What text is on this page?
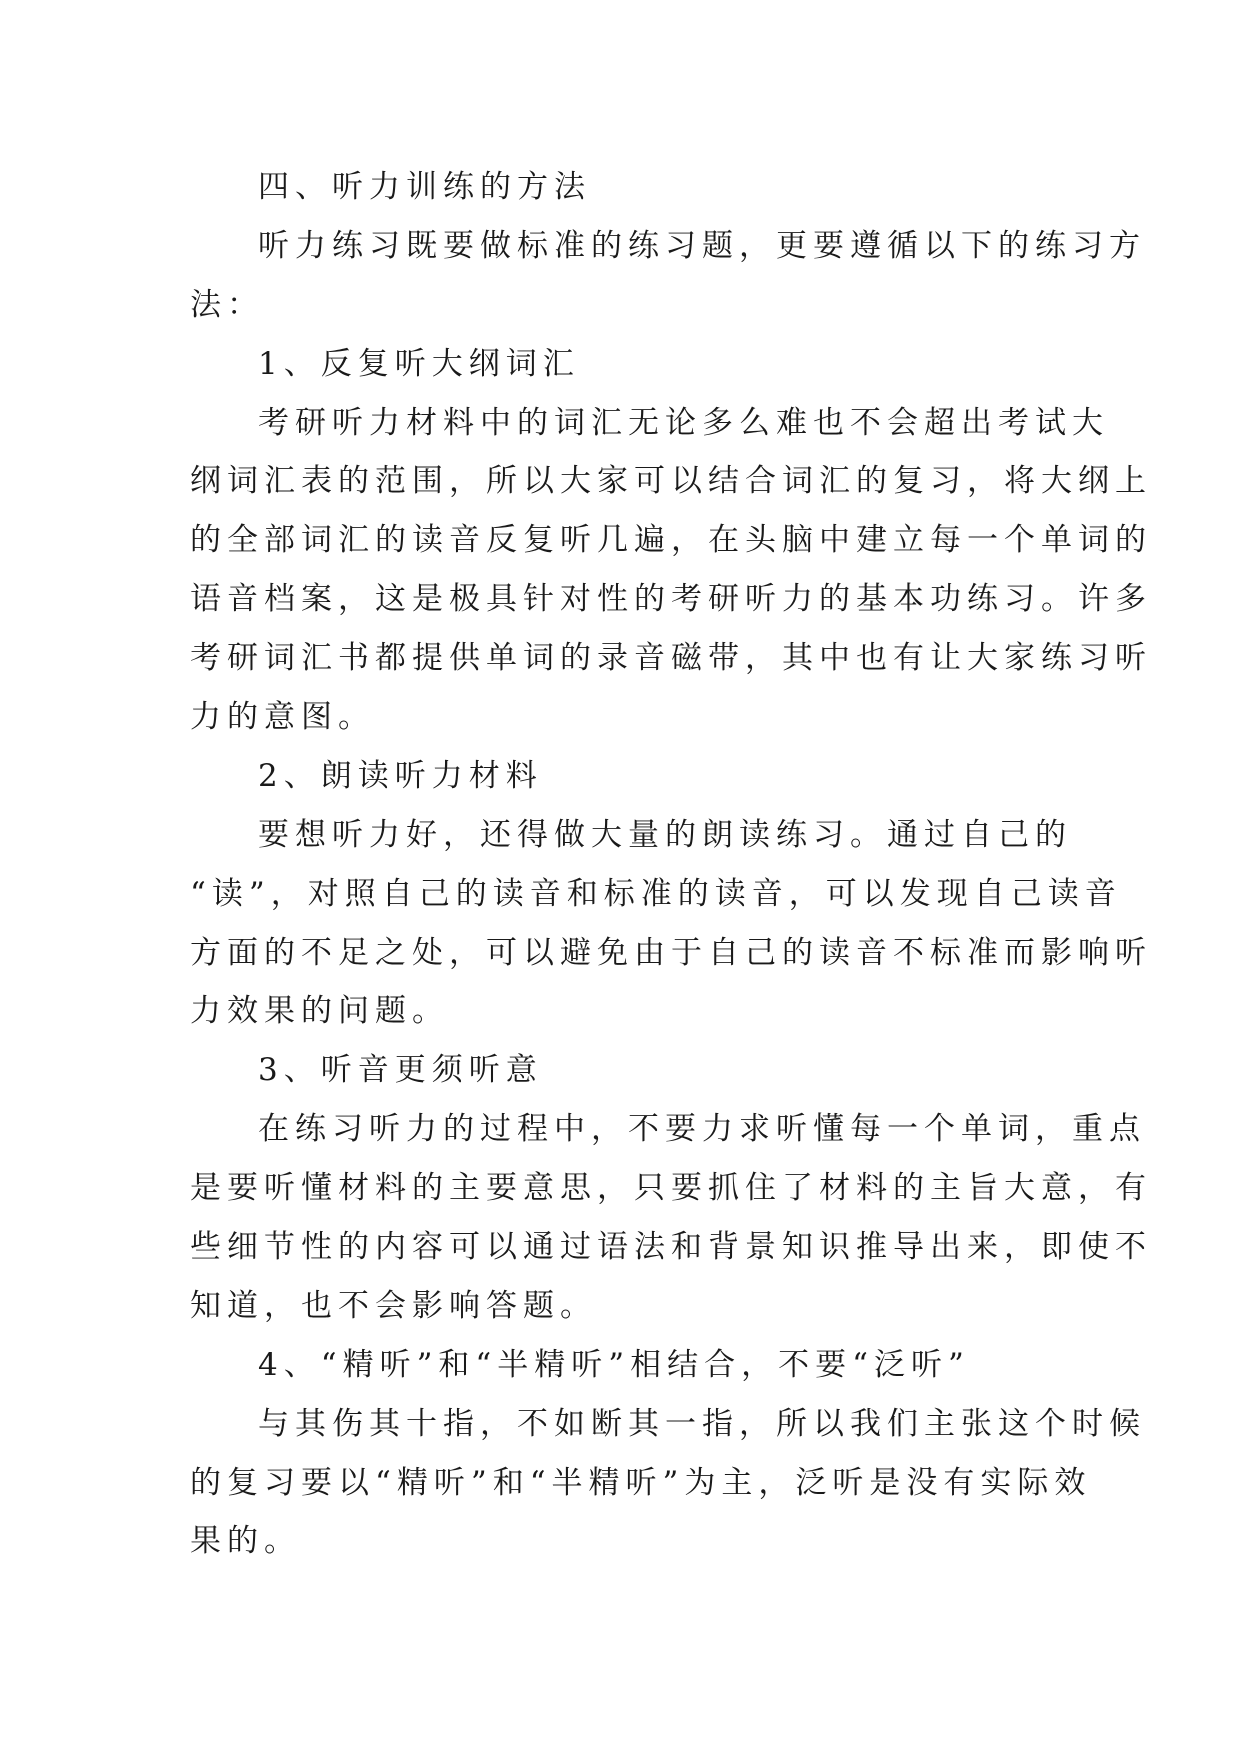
四、听力训练的方法

听力练习既要做标准的练习题，更要遵循以下的练习方

法：

1、反复听大纲词汇

考研听力材料中的词汇无论多么难也不会超出考试大

纲词汇表的范围，所以大家可以结合词汇的复习，将大纲上

的全部词汇的读音反复听几遍，在头脑中建立每一个单词的

语音档案，这是极具针对性的考研听力的基本功练习。许多

考研词汇书都提供单词的录音磁带，其中也有让大家练习听

力的意图。

2、朗读听力材料

要想听力好，还得做大量的朗读练习。通过自己的

“读”，对照自己的读音和标准的读音，可以发现自己读音

方面的不足之处，可以避免由于自己的读音不标准而影响听

力效果的问题。

3、听音更须听意

在练习听力的过程中，不要力求听懂每一个单词，重点

是要听懂材料的主要意思，只要抓住了材料的主旨大意，有

些细节性的内容可以通过语法和背景知识推导出来，即使不

知道，也不会影响答题。

4、“精听”和“半精听”相结合，不要“泛听”

与其伤其十指，不如断其一指，所以我们主张这个时候

的复习要以“精听”和“半精听”为主，泛听是没有实际效

果的。
